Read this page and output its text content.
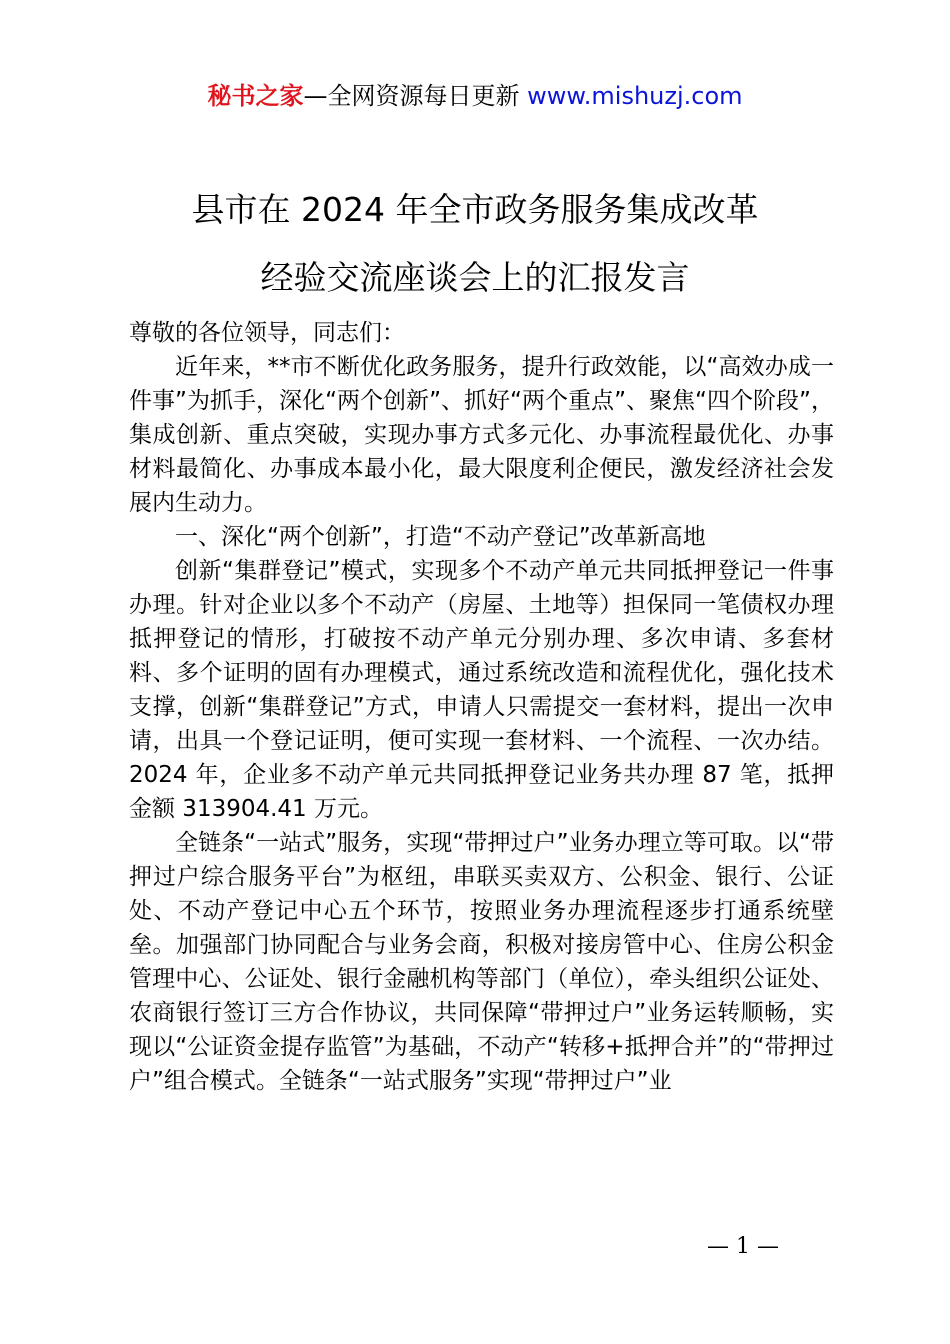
秘书之家—全网资源每日更新 www.mishuzj.com
县市在 2024 年全市政务服务集成改革
经验交流座谈会上的汇报发言

尊敬的各位领导，同志们：

近年来，**市不断优化政务服务，提升行政效能，以“高效办成一件事”为抓手，深化“两个创新”、抓好“两个重点”、聚焦“四个阶段”，集成创新、重点突破，实现办事方式多元化、办事流程最优化、办事材料最简化、办事成本最小化，最大限度利企便民，激发经济社会发展内生动力。

一、深化“两个创新”，打造“不动产登记”改革新高地

创新“集群登记”模式，实现多个不动产单元共同抵押登记一件事办理。针对企业以多个不动产（房屋、土地等）担保同一笔债权办理抵押登记的情形，打破按不动产单元分别办理、多次申请、多套材料、多个证明的固有办理模式，通过系统改造和流程优化，强化技术支撑，创新“集群登记”方式，申请人只需提交一套材料，提出一次申请，出具一个登记证明，便可实现一套材料、一个流程、一次办结。2024 年，企业多不动产单元共同抵押登记业务共办理 87 笔，抵押金额 313904.41 万元。

全链条“一站式”服务，实现“带押过户”业务办理立等可取。以“带押过户综合服务平台”为枢纽，串联买卖双方、公积金、银行、公证处、不动产登记中心五个环节，按照业务办理流程逐步打通系统壁垒。加强部门协同配合与业务会商，积极对接房管中心、住房公积金管理中心、公证处、银行金融机构等部门（单位），牵头组织公证处、农商银行签订三方合作协议，共同保障“带押过户”业务运转顺畅，实现以“公证资金提存监管”为基础，不动产“转移+抵押合并”的“带押过户”组合模式。全链条“一站式服务”实现“带押过户”业

— 1 —
